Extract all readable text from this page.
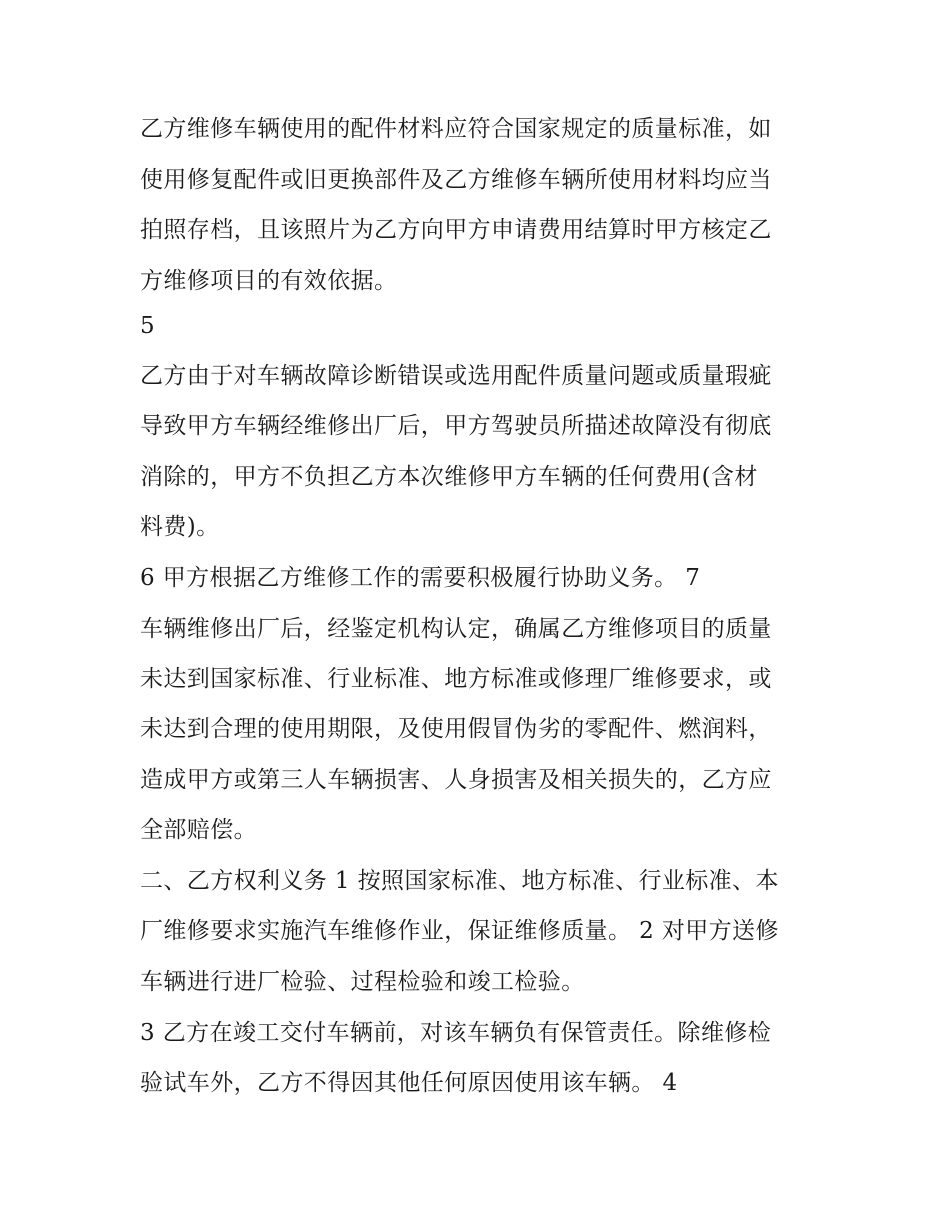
乙方维修车辆使用的配件材料应符合国家规定的质量标准，如
使用修复配件或旧更换部件及乙方维修车辆所使用材料均应当
拍照存档，且该照片为乙方向甲方申请费用结算时甲方核定乙
方维修项目的有效依据。
5
乙方由于对车辆故障诊断错误或选用配件质量问题或质量瑕疵
导致甲方车辆经维修出厂后，甲方驾驶员所描述故障没有彻底
消除的，甲方不负担乙方本次维修甲方车辆的任何费用(含材
料费)。
6 甲方根据乙方维修工作的需要积极履行协助义务。 7
车辆维修出厂后，经鉴定机构认定，确属乙方维修项目的质量
未达到国家标准、行业标准、地方标准或修理厂维修要求，或
未达到合理的使用期限，及使用假冒伪劣的零配件、燃润料，
造成甲方或第三人车辆损害、人身损害及相关损失的，乙方应
全部赔偿。
二、乙方权利义务 1 按照国家标准、地方标准、行业标准、本
厂维修要求实施汽车维修作业，保证维修质量。 2 对甲方送修
车辆进行进厂检验、过程检验和竣工检验。
3 乙方在竣工交付车辆前，对该车辆负有保管责任。除维修检
验试车外，乙方不得因其他任何原因使用该车辆。 4
